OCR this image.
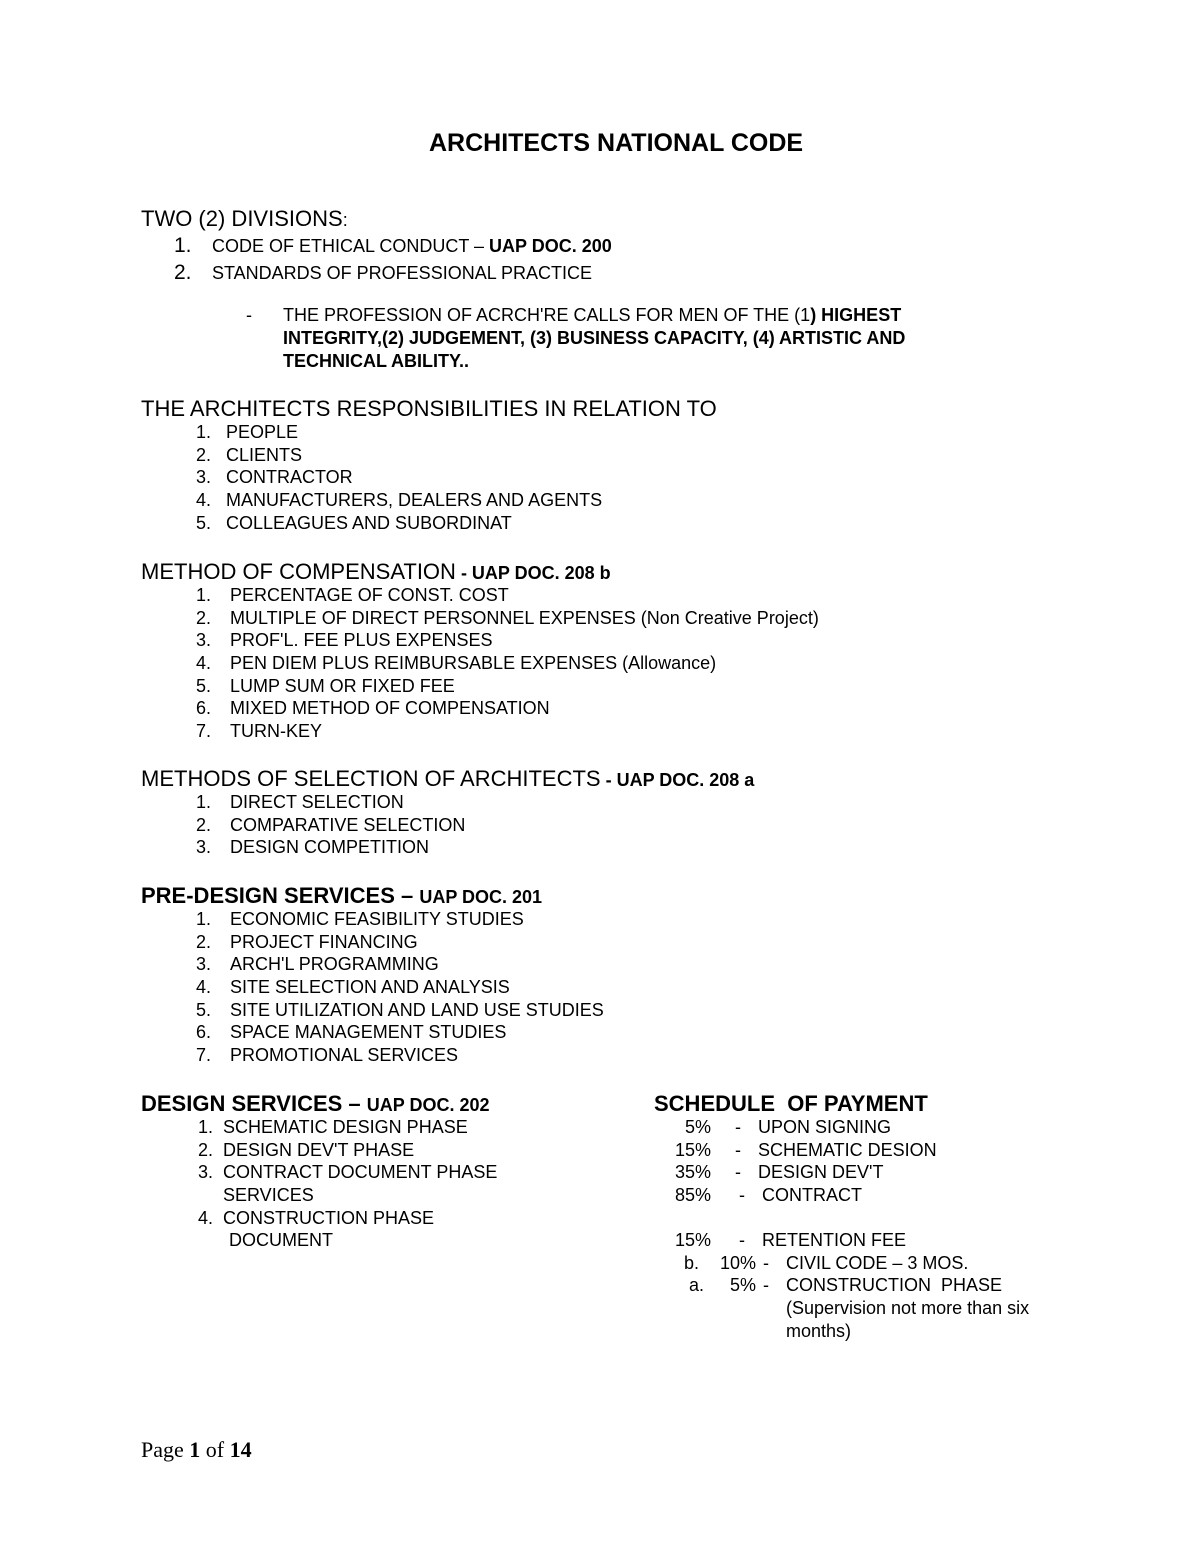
ARCHITECTS NATIONAL CODE
TWO (2) DIVISIONS:
1. CODE OF ETHICAL CONDUCT – UAP DOC. 200
2. STANDARDS OF PROFESSIONAL PRACTICE
- THE PROFESSION OF ACRCH'RE CALLS FOR MEN OF THE (1) HIGHEST
INTEGRITY,(2) JUDGEMENT, (3) BUSINESS CAPACITY, (4) ARTISTIC AND
TECHNICAL ABILITY..
THE ARCHITECTS RESPONSIBILITIES IN RELATION TO
1. PEOPLE
2. CLIENTS
3. CONTRACTOR
4. MANUFACTURERS, DEALERS AND AGENTS
5. COLLEAGUES AND SUBORDINAT
METHOD OF COMPENSATION - UAP DOC. 208 b
1. PERCENTAGE OF CONST. COST
2. MULTIPLE OF DIRECT PERSONNEL EXPENSES (Non Creative Project)
3. PROF'L. FEE PLUS EXPENSES
4. PEN DIEM PLUS REIMBURSABLE EXPENSES (Allowance)
5. LUMP SUM OR FIXED FEE
6. MIXED METHOD OF COMPENSATION
7. TURN-KEY
METHODS OF SELECTION OF ARCHITECTS - UAP DOC. 208 a
1. DIRECT SELECTION
2. COMPARATIVE SELECTION
3. DESIGN COMPETITION
PRE-DESIGN SERVICES – UAP DOC. 201
1. ECONOMIC FEASIBILITY STUDIES
2. PROJECT FINANCING
3. ARCH'L PROGRAMMING
4. SITE SELECTION AND ANALYSIS
5. SITE UTILIZATION AND LAND USE STUDIES
6. SPACE MANAGEMENT STUDIES
7. PROMOTIONAL SERVICES
DESIGN SERVICES – UAP DOC. 202
1. SCHEMATIC DESIGN PHASE
2. DESIGN DEV'T PHASE
3. CONTRACT DOCUMENT PHASE
SERVICES
4. CONSTRUCTION PHASE
DOCUMENT
SCHEDULE  OF PAYMENT
5% - UPON SIGNING
15% - SCHEMATIC DESION
35% - DESIGN DEV'T
85% - CONTRACT
15% - RETENTION FEE
b.	10% - CIVIL CODE – 3 MOS.
a.	5% - CONSTRUCTION  PHASE
(Supervision not more than six
months)
Page 1 of 14
